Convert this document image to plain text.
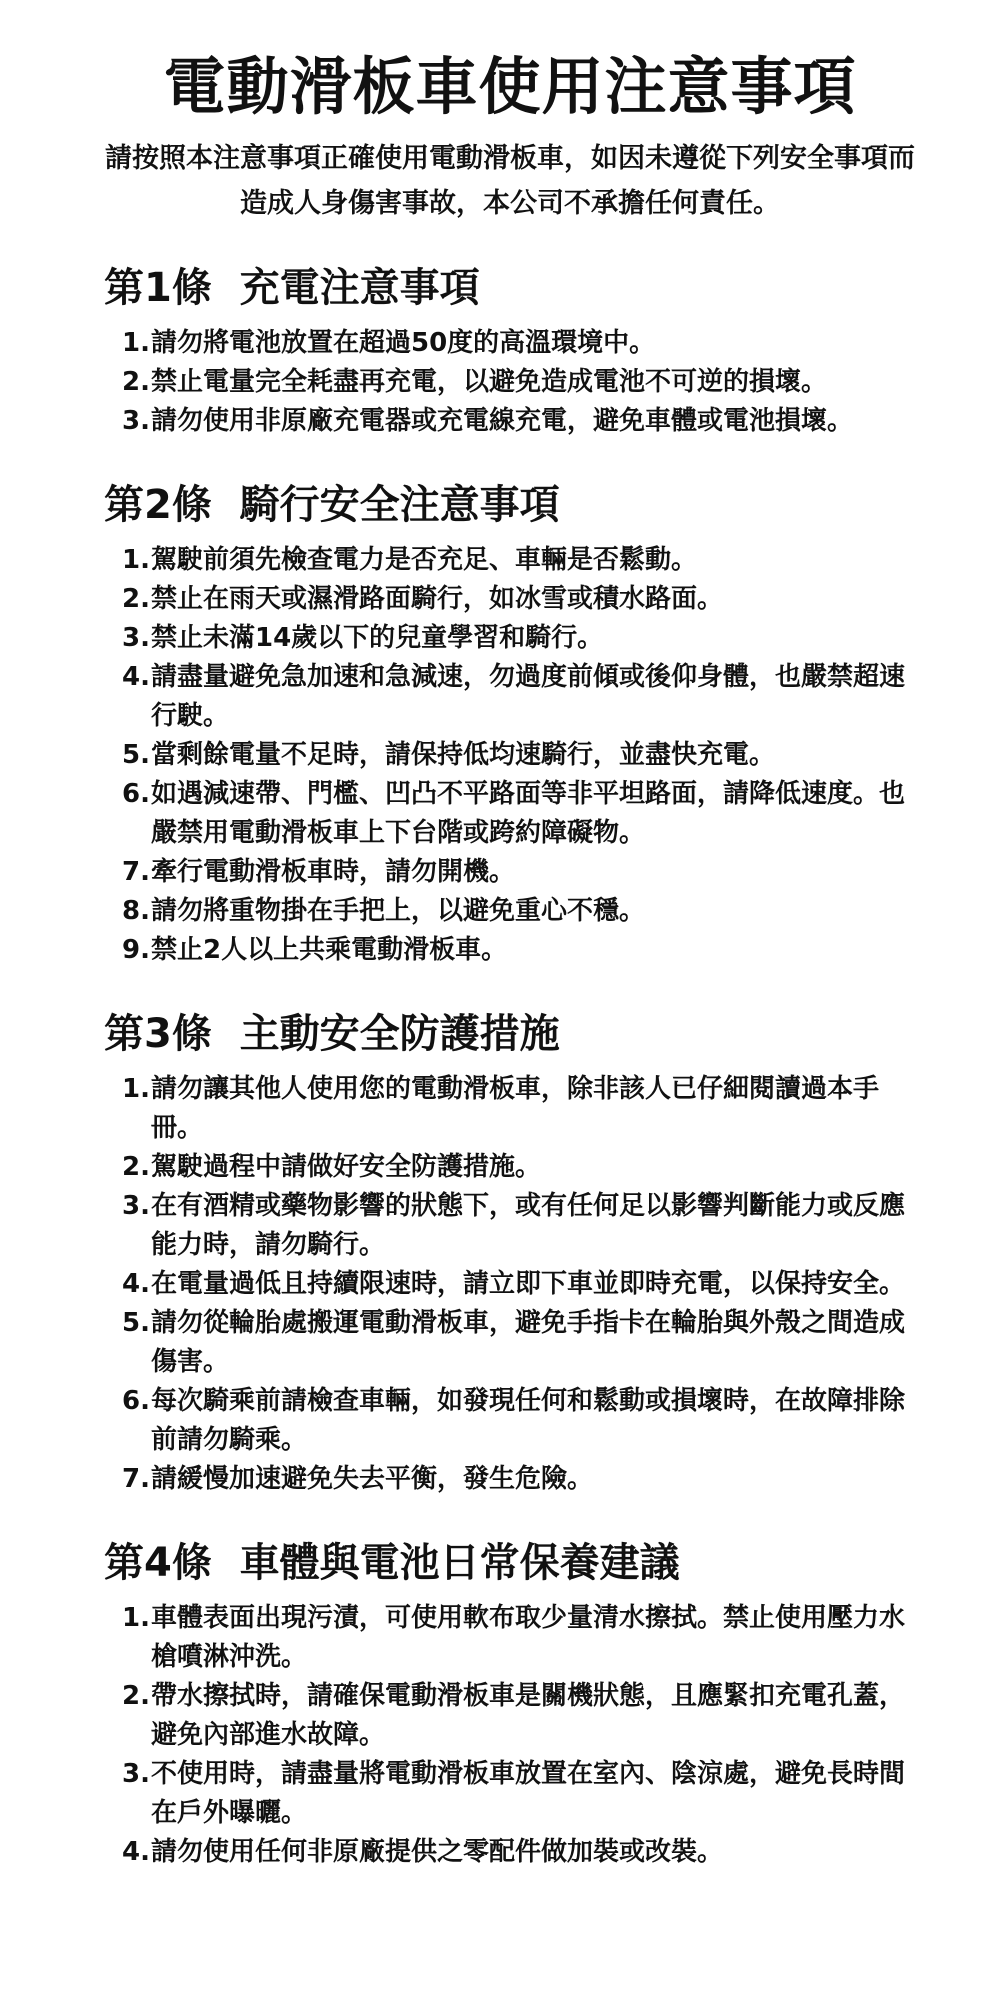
電動滑板車使用注意事項

請按照本注意事項正確使用電動滑板車，如因未遵從下列安全事項而造成人身傷害事故，本公司不承擔任何責任。

第1條  充電注意事項
1. 請勿將電池放置在超過50度的高溫環境中。
2. 禁止電量完全耗盡再充電，以避免造成電池不可逆的損壞。
3. 請勿使用非原廠充電器或充電線充電，避免車體或電池損壞。
第2條  騎行安全注意事項
1. 駕駛前須先檢查電力是否充足、車輛是否鬆動。
2. 禁止在雨天或濕滑路面騎行，如冰雪或積水路面。
3. 禁止未滿14歲以下的兒童學習和騎行。
4. 請盡量避免急加速和急減速，勿過度前傾或後仰身體，也嚴禁超速行駛。
5. 當剩餘電量不足時，請保持低均速騎行，並盡快充電。
6. 如遇減速帶、門檻、凹凸不平路面等非平坦路面，請降低速度。也嚴禁用電動滑板車上下台階或跨約障礙物。
7. 牽行電動滑板車時，請勿開機。
8. 請勿將重物掛在手把上，以避免重心不穩。
9. 禁止2人以上共乘電動滑板車。
第3條  主動安全防護措施
1. 請勿讓其他人使用您的電動滑板車，除非該人已仔細閱讀過本手冊。
2. 駕駛過程中請做好安全防護措施。
3. 在有酒精或藥物影響的狀態下，或有任何足以影響判斷能力或反應能力時，請勿騎行。
4. 在電量過低且持續限速時，請立即下車並即時充電，以保持安全。
5. 請勿從輪胎處搬運電動滑板車，避免手指卡在輪胎與外殼之間造成傷害。
6. 每次騎乘前請檢查車輛，如發現任何和鬆動或損壞時，在故障排除前請勿騎乘。
7. 請緩慢加速避免失去平衡，發生危險。
第4條  車體與電池日常保養建議
1. 車體表面出現污漬，可使用軟布取少量清水擦拭。禁止使用壓力水槍噴淋沖洗。
2. 帶水擦拭時，請確保電動滑板車是關機狀態，且應緊扣充電孔蓋，避免內部進水故障。
3. 不使用時，請盡量將電動滑板車放置在室內、陰涼處，避免長時間在戶外曝曬。
4. 請勿使用任何非原廠提供之零配件做加裝或改裝。
